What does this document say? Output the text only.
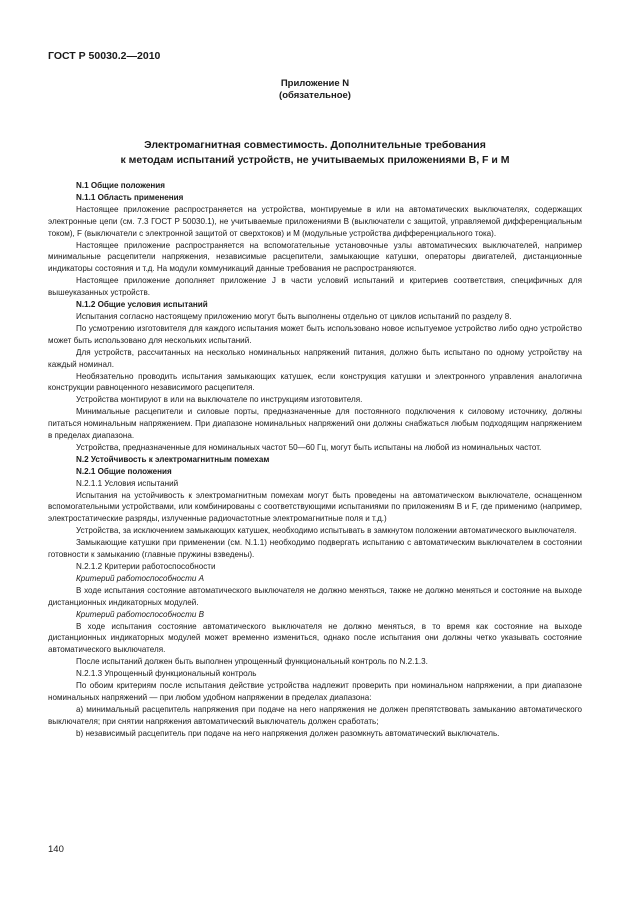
ГОСТ Р 50030.2—2010
Приложение N
(обязательное)
Электромагнитная совместимость. Дополнительные требования
к методам испытаний устройств, не учитываемых приложениями B, F и M

N.1 Общие положения

N.1.1 Область применения

Настоящее приложение распространяется на устройства, монтируемые в или на автоматических выключателях, содержащих электронные цепи (см. 7.3 ГОСТ Р 50030.1), не учитываемые приложениями B (выключатели с защитой, управляемой дифференциальным током), F (выключатели с электронной защитой от сверхтоков) и M (модульные устройства дифференциального тока).

Настоящее приложение распространяется на вспомогательные установочные узлы автоматических выключателей, например минимальные расцепители напряжения, независимые расцепители, замыкающие катушки, операторы двигателей, дистанционные индикаторы состояния и т.д. На модули коммуникаций данные требования не распространяются.

Настоящее приложение дополняет приложение J в части условий испытаний и критериев соответствия, специфичных для вышеуказанных устройств.

N.1.2 Общие условия испытаний

Испытания согласно настоящему приложению могут быть выполнены отдельно от циклов испытаний по разделу 8.

По усмотрению изготовителя для каждого испытания может быть использовано новое испытуемое устройство либо одно устройство может быть использовано для нескольких испытаний.

Для устройств, рассчитанных на несколько номинальных напряжений питания, должно быть испытано по одному устройству на каждый номинал.

Необязательно проводить испытания замыкающих катушек, если конструкция катушки и электронного управления аналогична конструкции равноценного независимого расцепителя.

Устройства монтируют в или на выключателе по инструкциям изготовителя.

Минимальные расцепители и силовые порты, предназначенные для постоянного подключения к силовому источнику, должны питаться номинальным напряжением. При диапазоне номинальных напряжений они должны снабжаться любым подходящим напряжением в пределах диапазона.

Устройства, предназначенные для номинальных частот 50—60 Гц, могут быть испытаны на любой из номинальных частот.

N.2 Устойчивость к электромагнитным помехам

N.2.1 Общие положения

N.2.1.1 Условия испытаний

Испытания на устойчивость к электромагнитным помехам могут быть проведены на автоматическом выключателе, оснащенном вспомогательными устройствами, или комбинированы с соответствующими испытаниями по приложениям B и F, где применимо (например, электростатические разряды, излученные радиочастотные электромагнитные поля и т.д.)

Устройства, за исключением замыкающих катушек, необходимо испытывать в замкнутом положении автоматического выключателя.

Замыкающие катушки при применении (см. N.1.1) необходимо подвергать испытанию с автоматическим выключателем в состоянии готовности к замыканию (главные пружины взведены).

N.2.1.2 Критерии работоспособности

Критерий работоспособности A

В ходе испытания состояние автоматического выключателя не должно меняться, также не должно меняться и состояние на выходе дистанционных индикаторных модулей.

Критерий работоспособности B

В ходе испытания состояние автоматического выключателя не должно меняться, в то время как состояние на выходе дистанционных индикаторных модулей может временно измениться, однако после испытания они должны четко указывать состояние автоматического выключателя.

После испытаний должен быть выполнен упрощенный функциональный контроль по N.2.1.3.

N.2.1.3 Упрощенный функциональный контроль

По обоим критериям после испытания действие устройства надлежит проверить при номинальном напряжении, а при диапазоне номинальных напряжений — при любом удобном напряжении в пределах диапазона:

a) минимальный расцепитель напряжения при подаче на него напряжения не должен препятствовать замыканию автоматического выключателя; при снятии напряжения автоматический выключатель должен сработать;

b) независимый расцепитель при подаче на него напряжения должен разомкнуть автоматический выключатель.

140
